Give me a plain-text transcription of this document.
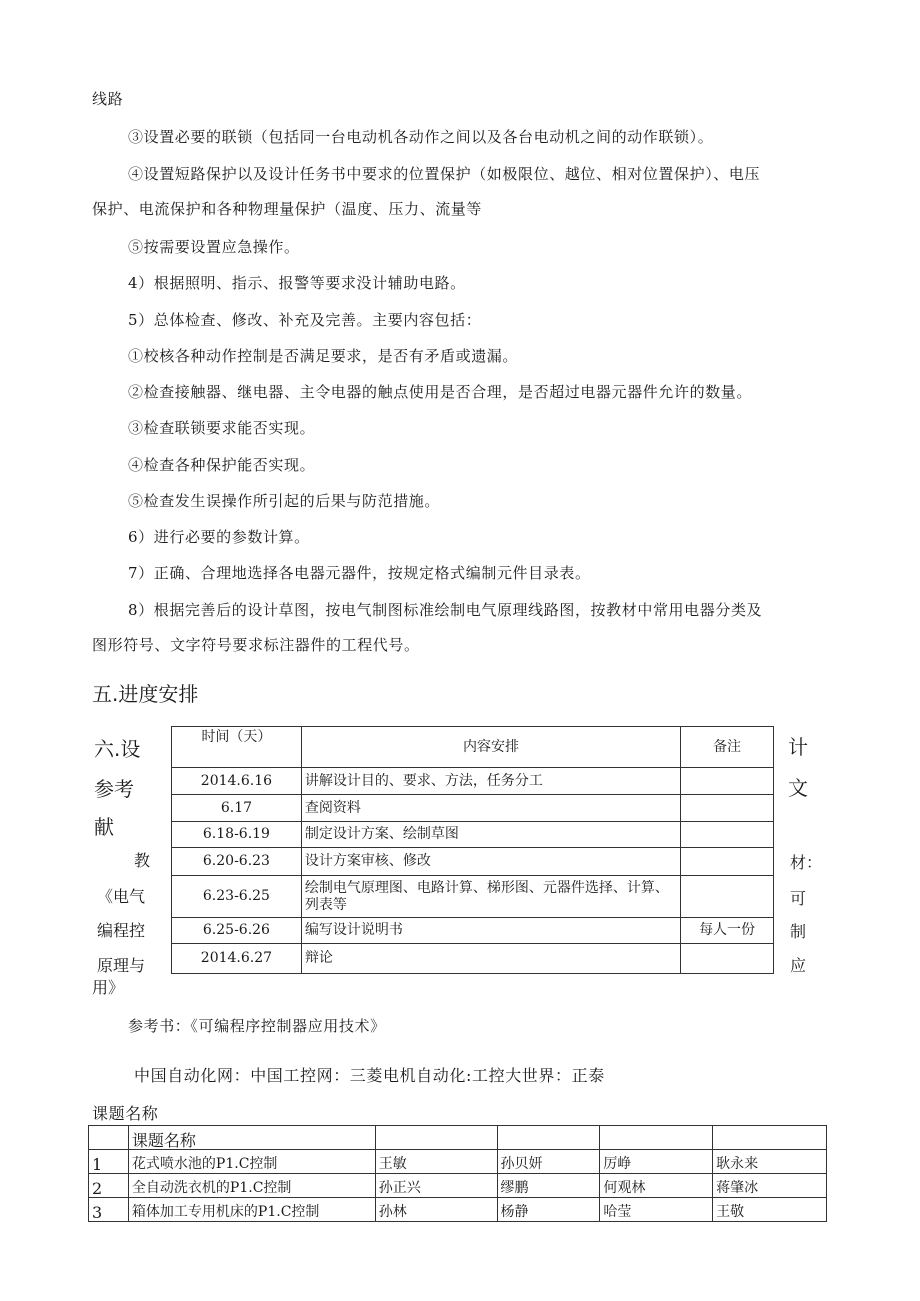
线路
③设置必要的联锁（包括同一台电动机各动作之间以及各台电动机之间的动作联锁）。
④设置短路保护以及设计任务书中要求的位置保护（如极限位、越位、相对位置保护）、电压
保护、电流保护和各种物理量保护（温度、压力、流量等
⑤按需要设置应急操作。
4）根据照明、指示、报警等要求没计辅助电路。
5）总体检查、修改、补充及完善。主要内容包括：
①校核各种动作控制是否满足要求，是否有矛盾或遗漏。
②检查接触器、继电器、主令电器的触点使用是否合理，是否超过电器元器件允许的数量。
③检查联锁要求能否实现。
④检查各种保护能否实现。
⑤检查发生误操作所引起的后果与防范措施。
6）进行必要的参数计算。
7）正确、合理地选择各电器元器件，按规定格式编制元件目录表。
8）根据完善后的设计草图，按电气制图标准绘制电气原理线路图，按教材中常用电器分类及
图形符号、文字符号要求标注器件的工程代号。
五.进度安排
六.设
参考
献
教
《电气
编程控
原理与
用》
计
文
材：
可
制
应
时间（天）	内容安排	备注
2014.6.16	讲解设计目的、要求、方法，任务分工	
6.17	查阅资料	
6.18-6.19	制定设计方案、绘制草图	
6.20-6.23	设计方案审核、修改	
6.23-6.25	绘制电气原理图、电路计算、梯形图、元器件选择、计算、列表等	
6.25-6.26	编写设计说明书	每人一份
2014.6.27	辩论	
参考书：《可编程序控制器应用技术》
中国自动化网：中国工控网：三菱电机自动化:工控大世界：正泰
课题名称
	课题名称				
1	花式喷水池的P1.C控制	王敏	孙贝妍	厉峥	耿永来
2	全自动洗衣机的P1.C控制	孙正兴	缪鹏	何观林	蒋肇冰
3	箱体加工专用机床的P1.C控制	孙林	杨静	哈莹	王敬
